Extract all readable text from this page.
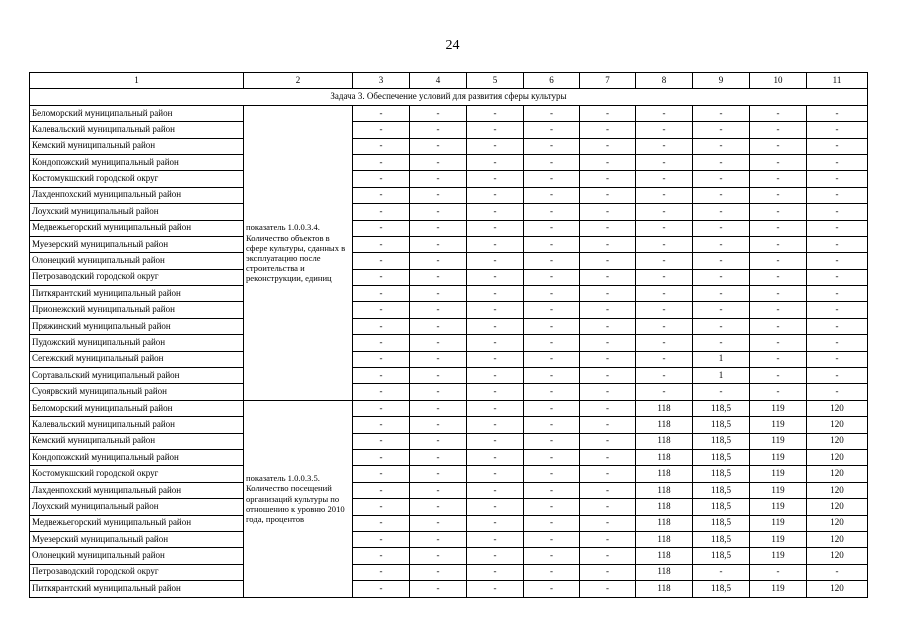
24
1	2	3	4	5	6	7	8	9	10	11
Задача 3. Обеспечение условий для развития сферы культуры										
Беломорский муниципальный район	показатель 1.0.0.3.4. Количество объектов в сфере культуры, сданных в эксплуатацию после строительства и реконструкции, единиц	-	-	-	-	-	-	-	-	-
Калевальский муниципальный район		-	-	-	-	-	-	-	-	-
Кемский муниципальный район		-	-	-	-	-	-	-	-	-
Кондопожский муниципальный район		-	-	-	-	-	-	-	-	-
Костомукшский городской округ		-	-	-	-	-	-	-	-	-
Лахденпохский муниципальный район		-	-	-	-	-	-	-	-	-
Лоухский муниципальный район		-	-	-	-	-	-	-	-	-
Медвежьегорский муниципальный район		-	-	-	-	-	-	-	-	-
Муезерский муниципальный район		-	-	-	-	-	-	-	-	-
Олонецкий муниципальный район		-	-	-	-	-	-	-	-	-
Петрозаводский городской округ		-	-	-	-	-	-	-	-	-
Питкярантский муниципальный район		-	-	-	-	-	-	-	-	-
Прионежский муниципальный район		-	-	-	-	-	-	-	-	-
Пряжинский муниципальный район		-	-	-	-	-	-	-	-	-
Пудожский муниципальный район		-	-	-	-	-	-	-	-	-
Сегежский муниципальный район		-	-	-	-	-	-	1	-	-
Сортавальский муниципальный район		-	-	-	-	-	-	1	-	-
Суоярвский муниципальный район		-	-	-	-	-	-	-	-	-
Беломорский муниципальный район	показатель 1.0.0.3.5. Количество посещений организаций культуры по отношению к уровню 2010 года, процентов	-	-	-	-	-	118	118,5	119	120
Калевальский муниципальный район		-	-	-	-	-	118	118,5	119	120
Кемский муниципальный район		-	-	-	-	-	118	118,5	119	120
Кондопожский муниципальный район		-	-	-	-	-	118	118,5	119	120
Костомукшский городской округ		-	-	-	-	-	118	118,5	119	120
Лахденпохский муниципальный район		-	-	-	-	-	118	118,5	119	120
Лоухский муниципальный район		-	-	-	-	-	118	118,5	119	120
Медвежьегорский муниципальный район		-	-	-	-	-	118	118,5	119	120
Муезерский муниципальный район		-	-	-	-	-	118	118,5	119	120
Олонецкий муниципальный район		-	-	-	-	-	118	118,5	119	120
Петрозаводский городской округ		-	-	-	-	-	118	-	-	-
Питкярантский муниципальный район		-	-	-	-	-	118	118,5	119	120
